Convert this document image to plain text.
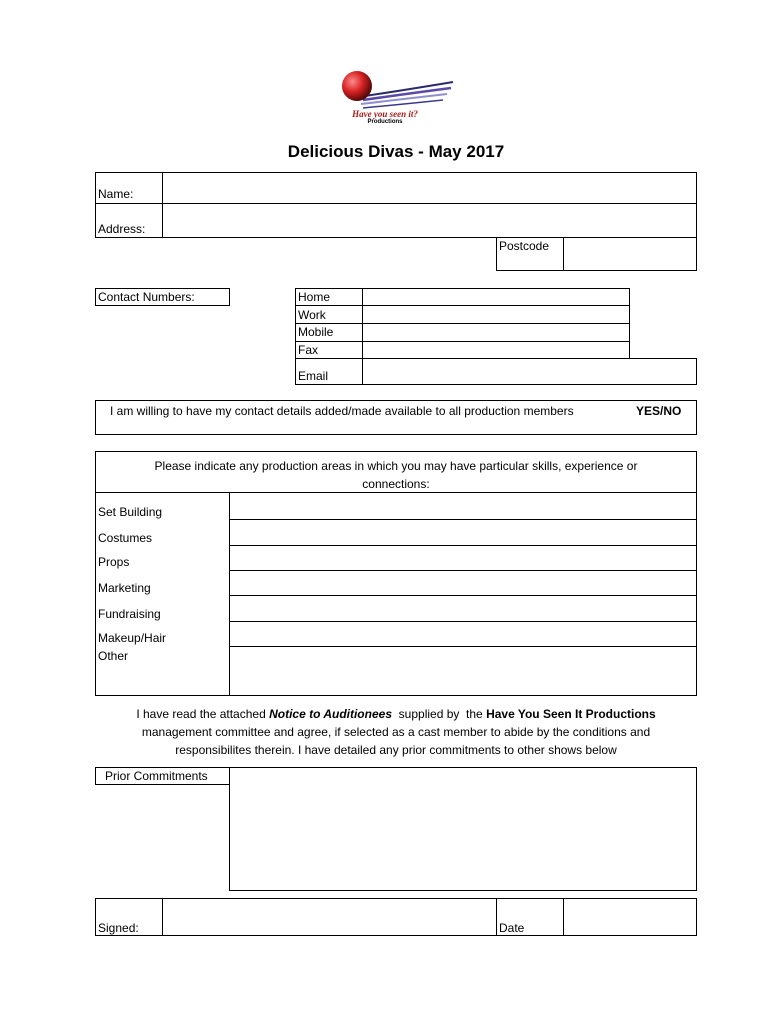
Have you seen it?
Productions
Delicious Divas - May 2017
Name:
Address:
Postcode
Contact Numbers:	Home
Work
Mobile
Fax
Email
I am willing to have my contact details added/made available to all production members	YES/NO
Please indicate any production areas in which you may have particular skills, experience or
connections:
Set Building
Costumes
Props
Marketing
Fundraising
Makeup/Hair
Other
I have read the attached Notice to Auditionees  supplied by  the Have You Seen It Productions
management committee and agree, if selected as a cast member to abide by the conditions and
responsibilites therein. I have detailed any prior commitments to other shows below
Prior Commitments
Signed:	Date
